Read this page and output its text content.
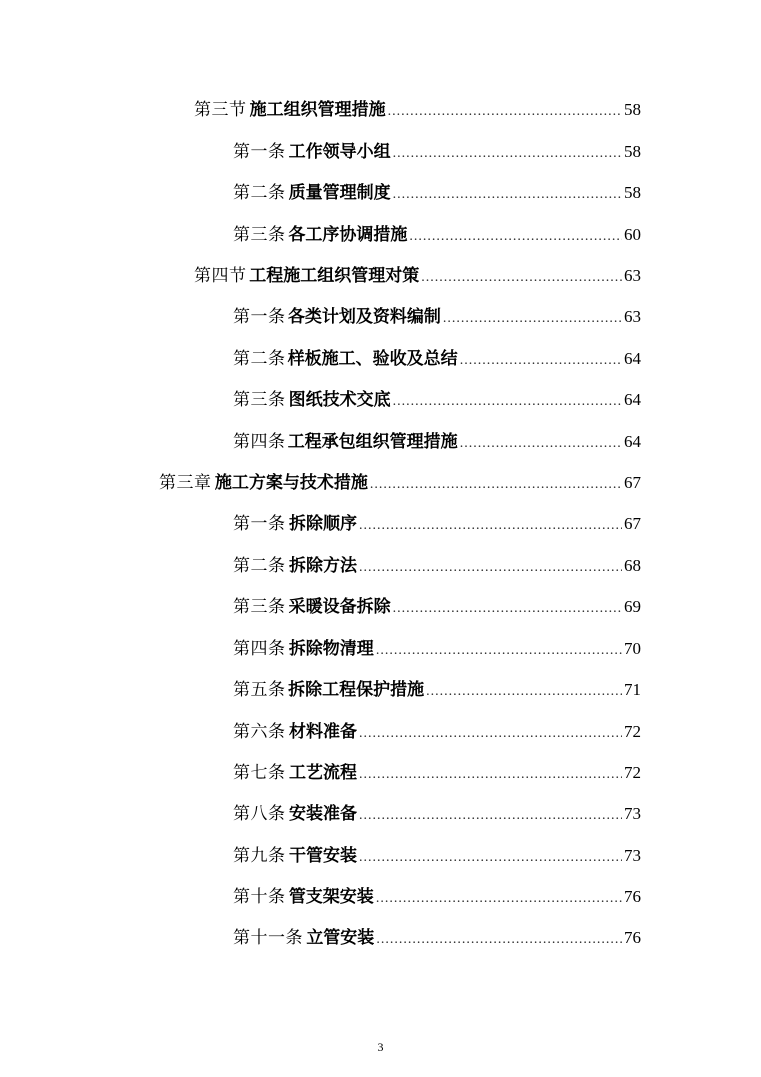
第三节 施工组织管理措施 .....	58
第一条 工作领导小组 .....	58
第二条 质量管理制度 .....	58
第三条 各工序协调措施 .....	60
第四节 工程施工组织管理对策 .....	63
第一条 各类计划及资料编制 .....	63
第二条 样板施工、验收及总结 .....	64
第三条 图纸技术交底 .....	64
第四条 工程承包组织管理措施 .....	64
第三章 施工方案与技术措施 .....	67
第一条 拆除顺序 .....	67
第二条 拆除方法 .....	68
第三条 采暖设备拆除 .....	69
第四条 拆除物清理 .....	70
第五条 拆除工程保护措施 .....	71
第六条 材料准备 .....	72
第七条 工艺流程 .....	72
第八条 安装准备 .....	73
第九条 干管安装 .....	73
第十条 管支架安装 .....	76
第十一条 立管安装 .....	76
3
